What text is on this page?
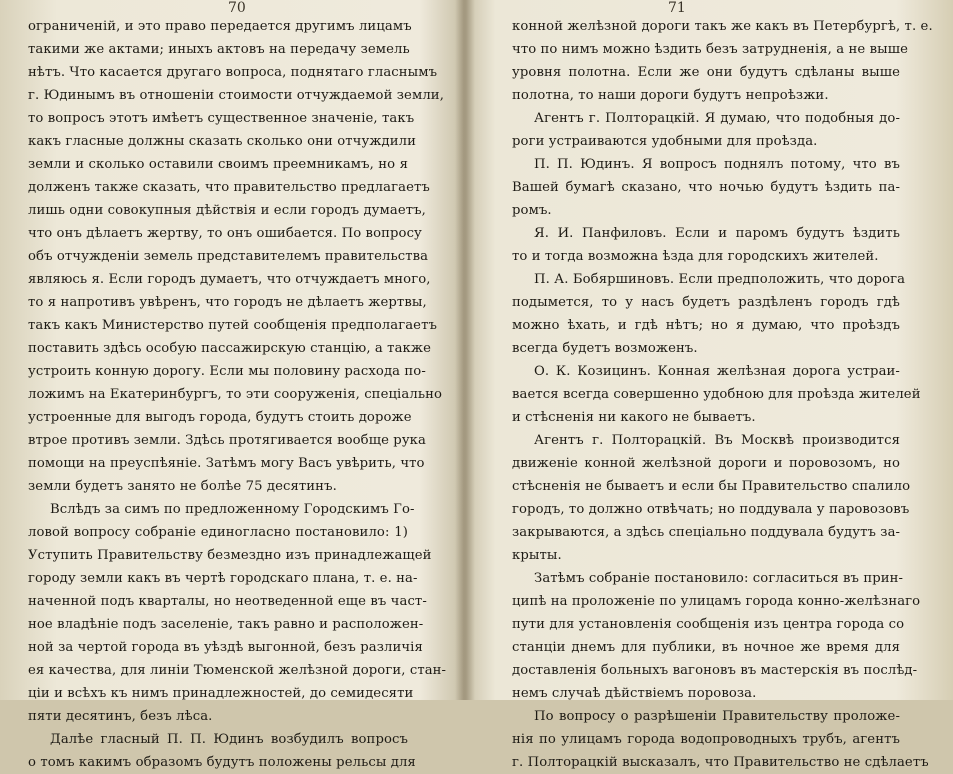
70
ограниченій, и это право передается другимъ лицамъ
такими же актами; иныхъ актовъ на передачу земель
нѣтъ. Что касается другаго вопроса, поднятаго гласнымъ
г. Юдинымъ въ отношеніи стоимости отчуждаемой земли,
то вопросъ этотъ имѣетъ существенное значеніе, такъ
какъ гласные должны сказать сколько они отчуждили
земли и сколько оставили своимъ преемникамъ, но я
долженъ также сказать, что правительство предлагаетъ
лишь одни совокупныя дѣйствія и если городъ думаетъ,
что онъ дѣлаетъ жертву, то онъ ошибается. По вопросу
объ отчужденіи земель представителемъ правительства
являюсь я. Если городъ думаетъ, что отчуждаетъ много,
то я напротивъ увѣренъ, что городъ не дѣлаетъ жертвы,
такъ какъ Министерство путей сообщенія предполагаетъ
поставить здѣсь особую пассажирскую станцію, а также
устроить конную дорогу. Если мы половину расхода по-
ложимъ на Екатеринбургъ, то эти сооруженія, спеціально
устроенные для выгодъ города, будутъ стоить дороже
втрое противъ земли. Здѣсь протягивается вообще рука
помощи на прeуспѣяніе. Затѣмъ могу Васъ увѣрить, что
земли будетъ занято не болѣе 75 десятинъ.
Вслѣдъ за симъ по предложенному Городскимъ Го-
ловой вопросу собраніе единогласно постановило: 1)
Уступить Правительству безмездно изъ принадлежащей
городу земли какъ въ чертѣ городскаго плана, т. е. на-
наченной подъ кварталы, но неотведенной еще въ част-
ное владѣніе подъ заселеніе, такъ равно и расположен-
ной за чертой города въ уѣздѣ выгонной, безъ различія
ея качества, для линіи Тюменской желѣзной дороги, стан-
ціи и всѣхъ къ нимъ принадлежностей, до семидесяти
пяти десятинъ, безъ лѣса.
Далѣе гласный П. П. Юдинъ возбудилъ вопросъ
о томъ какимъ образомъ будутъ положены рельсы для
71
конной желѣзной дороги такъ же какъ въ Петербургѣ, т. е.
что по нимъ можно ѣздить безъ затрудненія, а не выше
уровня полотна. Если же они будутъ сдѣланы выше
полотна, то наши дороги будутъ непроѣзжи.
Агентъ г. Полторацкій. Я думаю, что подобныя до-
роги устраиваются удобными для проѣзда.
П. П. Юдинъ. Я вопросъ поднялъ потому, что въ
Вашей бумагѣ сказано, что ночью будутъ ѣздить па-
ромъ.
Я. И. Панфиловъ. Если и паромъ будутъ ѣздить
то и тогда возможна ѣзда для городскихъ жителей.
П. А. Бобяршиновъ. Если предположить, что дорога
подымется, то у насъ будетъ раздѣленъ городъ гдѣ
можно ѣхать, и гдѣ нѣтъ; но я думаю, что проѣздъ
всегда будетъ возможенъ.
О. К. Козицинъ. Конная желѣзная дорога устраи-
вается всегда совершенно удобною для проѣзда жителей
и стѣсненія ни какого не бываетъ.
Агентъ г. Полторацкій. Въ Москвѣ производится
движеніе конной желѣзной дороги и поровозомъ, но
стѣсненія не бываетъ и если бы Правительство спалило
городъ, то должно отвѣчать; но поддувала у паровозовъ
закрываются, а здѣсь спеціально поддувала будутъ за-
крыты.
Затѣмъ собраніе постановило: согласиться въ прин-
ципѣ на проложеніе по улицамъ города конно-желѣзнаго
пути для установленія сообщенія изъ центра города со
станціи днемъ для публики, въ ночное же время для
доставленія больныхъ вагоновъ въ мастерскія въ послѣд-
немъ случаѣ дѣйствіемъ поровоза.
По вопросу о разрѣшеніи Правительству проложе-
нія по улицамъ города водопроводныхъ трубъ, агентъ
г. Полторацкій высказалъ, что Правительство не сдѣлаетъ
